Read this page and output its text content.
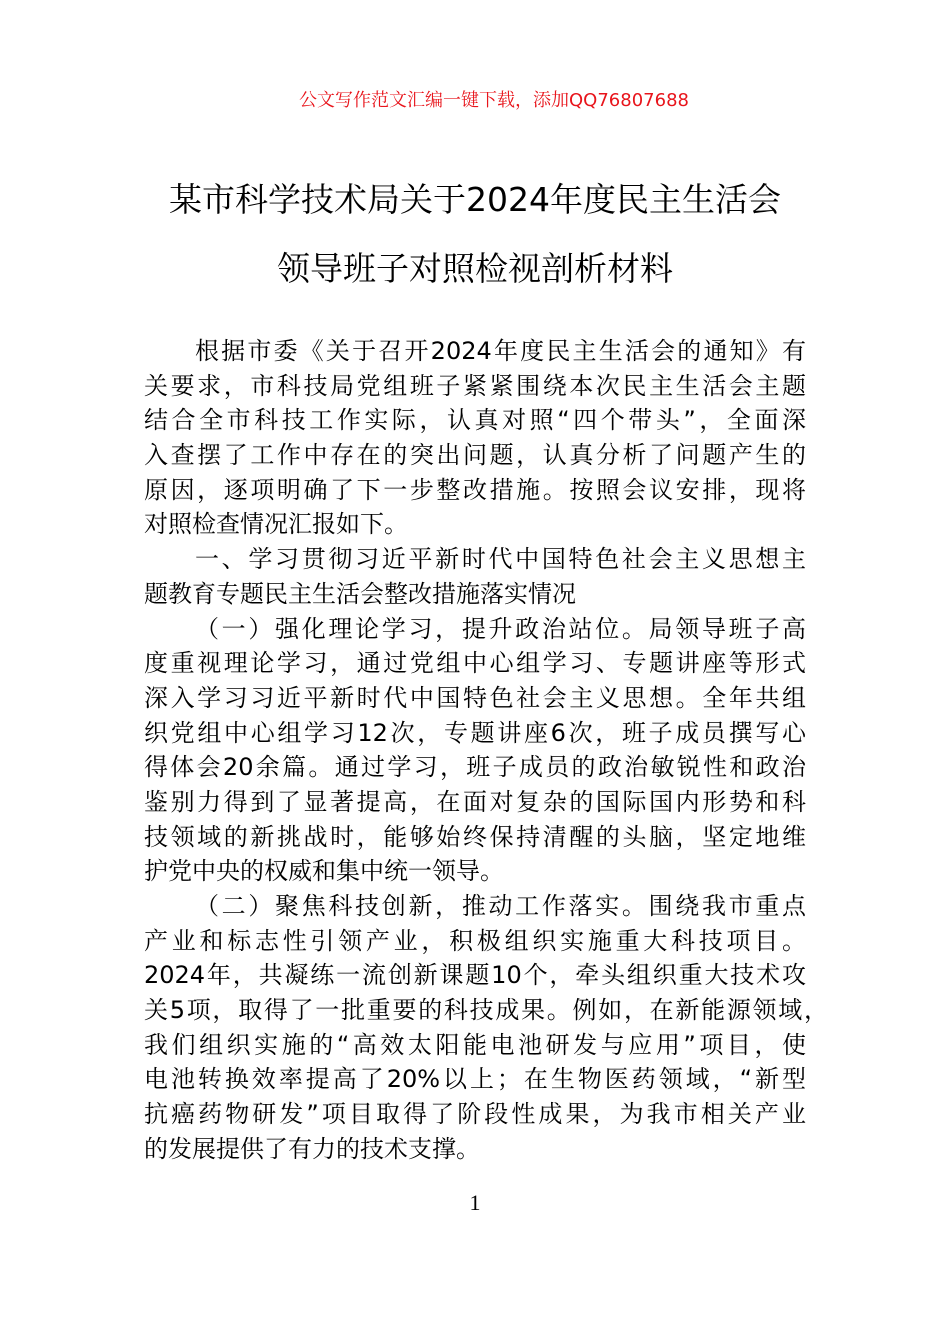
公文写作范文汇编一键下载，添加QQ76807688
某市科学技术局关于2024年度民主生活会
领导班子对照检视剖析材料
根据市委《关于召开2024年度民主生活会的通知》有
关要求，市科技局党组班子紧紧围绕本次民主生活会主题
结合全市科技工作实际，认真对照“四个带头”，全面深
入查摆了工作中存在的突出问题，认真分析了问题产生的
原因，逐项明确了下一步整改措施。按照会议安排，现将
对照检查情况汇报如下。
一、学习贯彻习近平新时代中国特色社会主义思想主
题教育专题民主生活会整改措施落实情况
（一）强化理论学习，提升政治站位。局领导班子高
度重视理论学习，通过党组中心组学习、专题讲座等形式
深入学习习近平新时代中国特色社会主义思想。全年共组
织党组中心组学习12次，专题讲座6次，班子成员撰写心
得体会20余篇。通过学习，班子成员的政治敏锐性和政治
鉴别力得到了显著提高，在面对复杂的国际国内形势和科
技领域的新挑战时，能够始终保持清醒的头脑，坚定地维
护党中央的权威和集中统一领导。
（二）聚焦科技创新，推动工作落实。围绕我市重点
产业和标志性引领产业，积极组织实施重大科技项目。
2024年，共凝练一流创新课题10个，牵头组织重大技术攻
关5项，取得了一批重要的科技成果。例如，在新能源领域，
我们组织实施的“高效太阳能电池研发与应用”项目，使
电池转换效率提高了20%以上；在生物医药领域，“新型
抗癌药物研发”项目取得了阶段性成果，为我市相关产业
的发展提供了有力的技术支撑。
1
